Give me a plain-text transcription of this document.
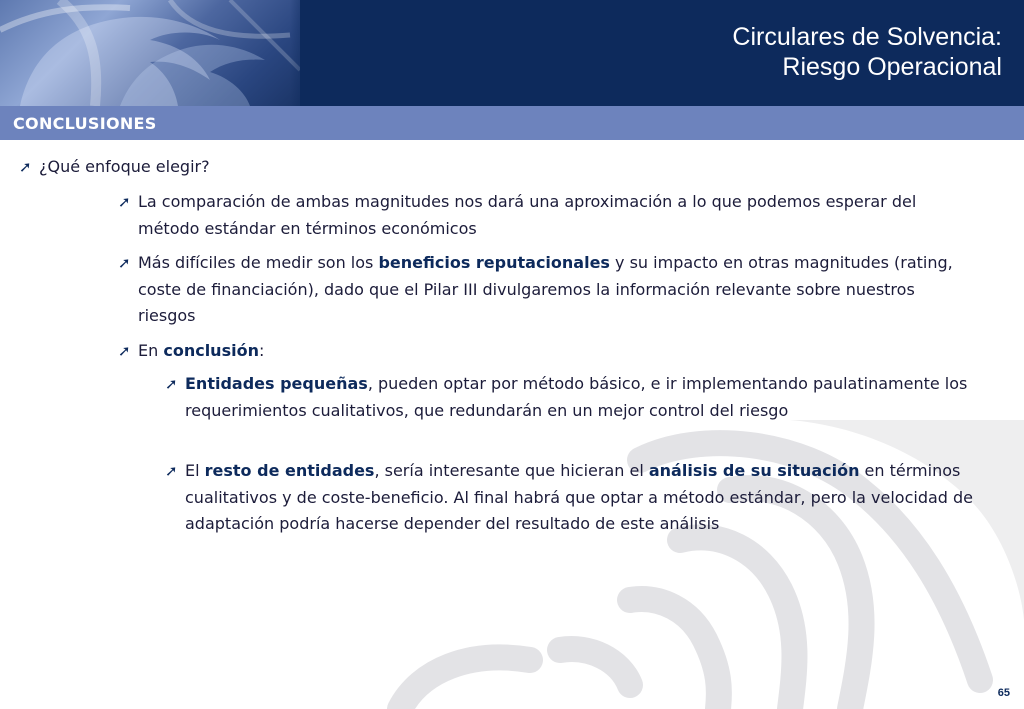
Circulares de Solvencia:
Riesgo Operacional
CONCLUSIONES
➚ ¿Qué enfoque elegir?
➚ La comparación de ambas magnitudes nos dará una aproximación a lo que podemos esperar del método estándar en términos económicos
➚ Más difíciles de medir son los beneficios reputacionales y su impacto en otras magnitudes (rating, coste de financiación), dado que el Pilar III divulgaremos la información relevante sobre nuestros riesgos
➚ En conclusión:
➚ Entidades pequeñas, pueden optar por método básico, e ir implementando paulatinamente los requerimientos cualitativos, que redundarán en un mejor control del riesgo
➚ El resto de entidades, sería interesante que hicieran el análisis de su situación en términos cualitativos y de coste-beneficio. Al final habrá que optar a método estándar, pero la velocidad de adaptación podría hacerse depender del resultado de este análisis
65
